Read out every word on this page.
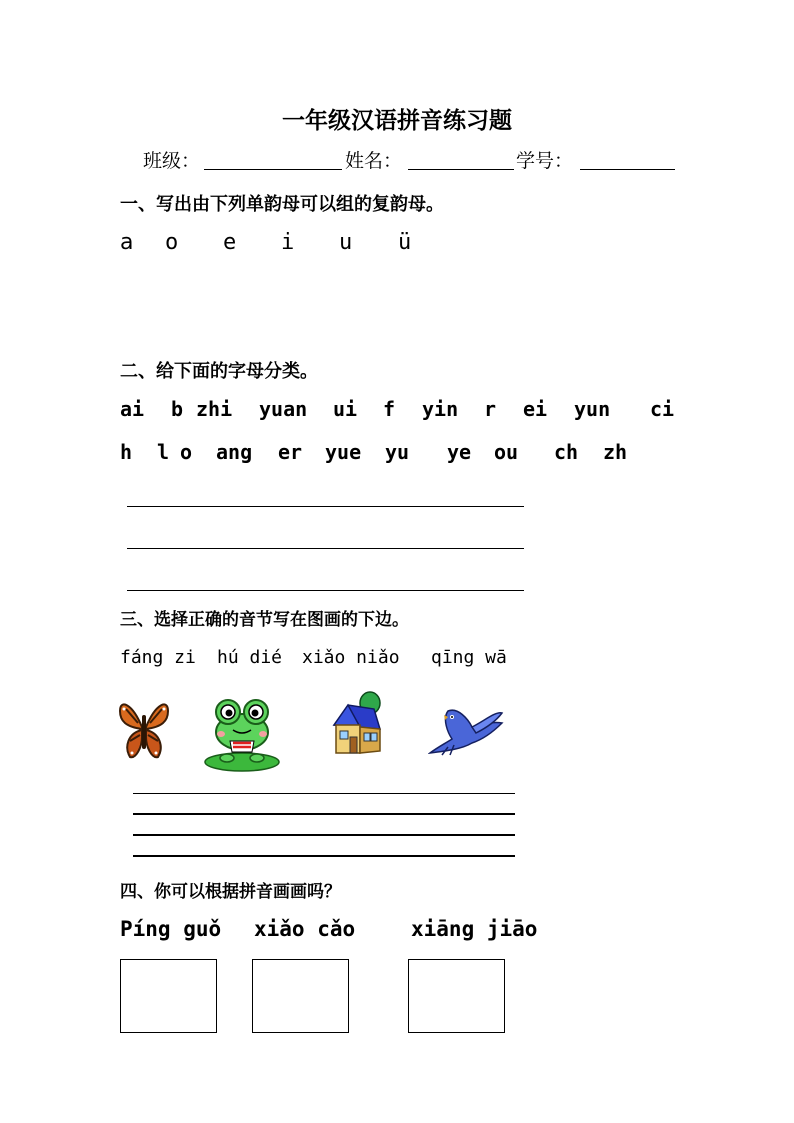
一年级汉语拼音练习题
班级：	姓名：	学号：
一、写出由下列单韵母可以组的复韵母。
a o e i u ü
二、给下面的字母分类。
ai b zhi yuan ui f yin r ei yun ci
h l o ang er yue yu ye ou ch zh
三、选择正确的音节写在图画的下边。
fáng zi hú dié xiǎo niǎo qīng wā
四、你可以根据拼音画画吗？
Píng guǒ xiǎo cǎo	xiāng jiāo
